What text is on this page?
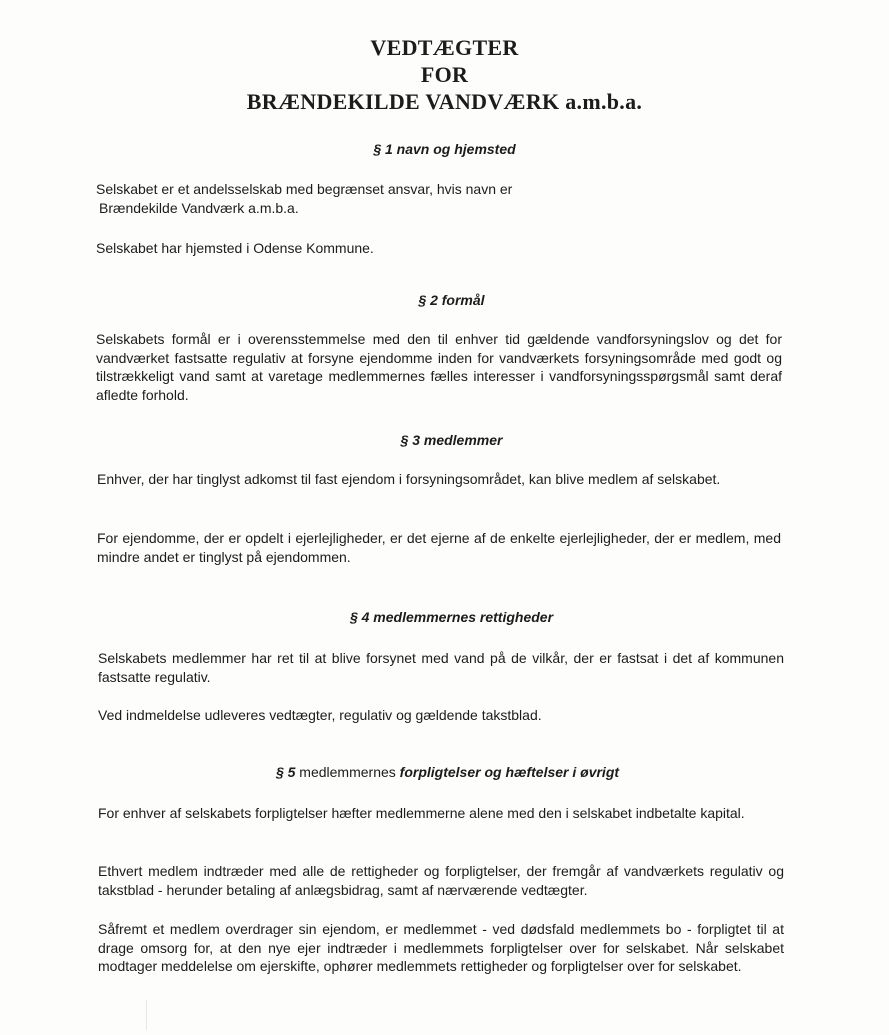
VEDTÆGTER
FOR
BRÆNDEKILDE VANDVÆRK a.m.b.a.
§ 1 navn og hjemsted

Selskabet er et andelsselskab med begrænset ansvar, hvis navn er
Brændekilde Vandværk a.m.b.a.

Selskabet har hjemsted i Odense Kommune.

§ 2 formål

Selskabets formål er i overensstemmelse med den til enhver tid gældende vandforsyningslov og det for vandværket fastsatte regulativ at forsyne ejendomme inden for vandværkets forsyningsområde med godt og tilstrækkeligt vand samt at varetage medlemmernes fælles interesser i vandforsyningsspørgsmål samt deraf afledte forhold.

§ 3 medlemmer

Enhver, der har tinglyst adkomst til fast ejendom i forsyningsområdet, kan blive medlem af selskabet.

For ejendomme, der er opdelt i ejerlejligheder, er det ejerne af de enkelte ejerlejligheder, der er medlem, med mindre andet er tinglyst på ejendommen.

§ 4 medlemmernes rettigheder

Selskabets medlemmer har ret til at blive forsynet med vand på de vilkår, der er fastsat i det af kommunen fastsatte regulativ.

Ved indmeldelse udleveres vedtægter, regulativ og gældende takstblad.

§ 5 medlemmernes forpligtelser og hæftelser i øvrigt

For enhver af selskabets forpligtelser hæfter medlemmerne alene med den i selskabet indbetalte kapital.

Ethvert medlem indtræder med alle de rettigheder og forpligtelser, der fremgår af vandværkets regulativ og takstblad - herunder betaling af anlægsbidrag, samt af nærværende vedtægter.

Såfremt et medlem overdrager sin ejendom, er medlemmet - ved dødsfald medlemmets bo - forpligtet til at drage omsorg for, at den nye ejer indtræder i medlemmets forpligtelser over for selskabet. Når selskabet modtager meddelelse om ejerskifte, ophører medlemmets rettigheder og forpligtelser over for selskabet.
